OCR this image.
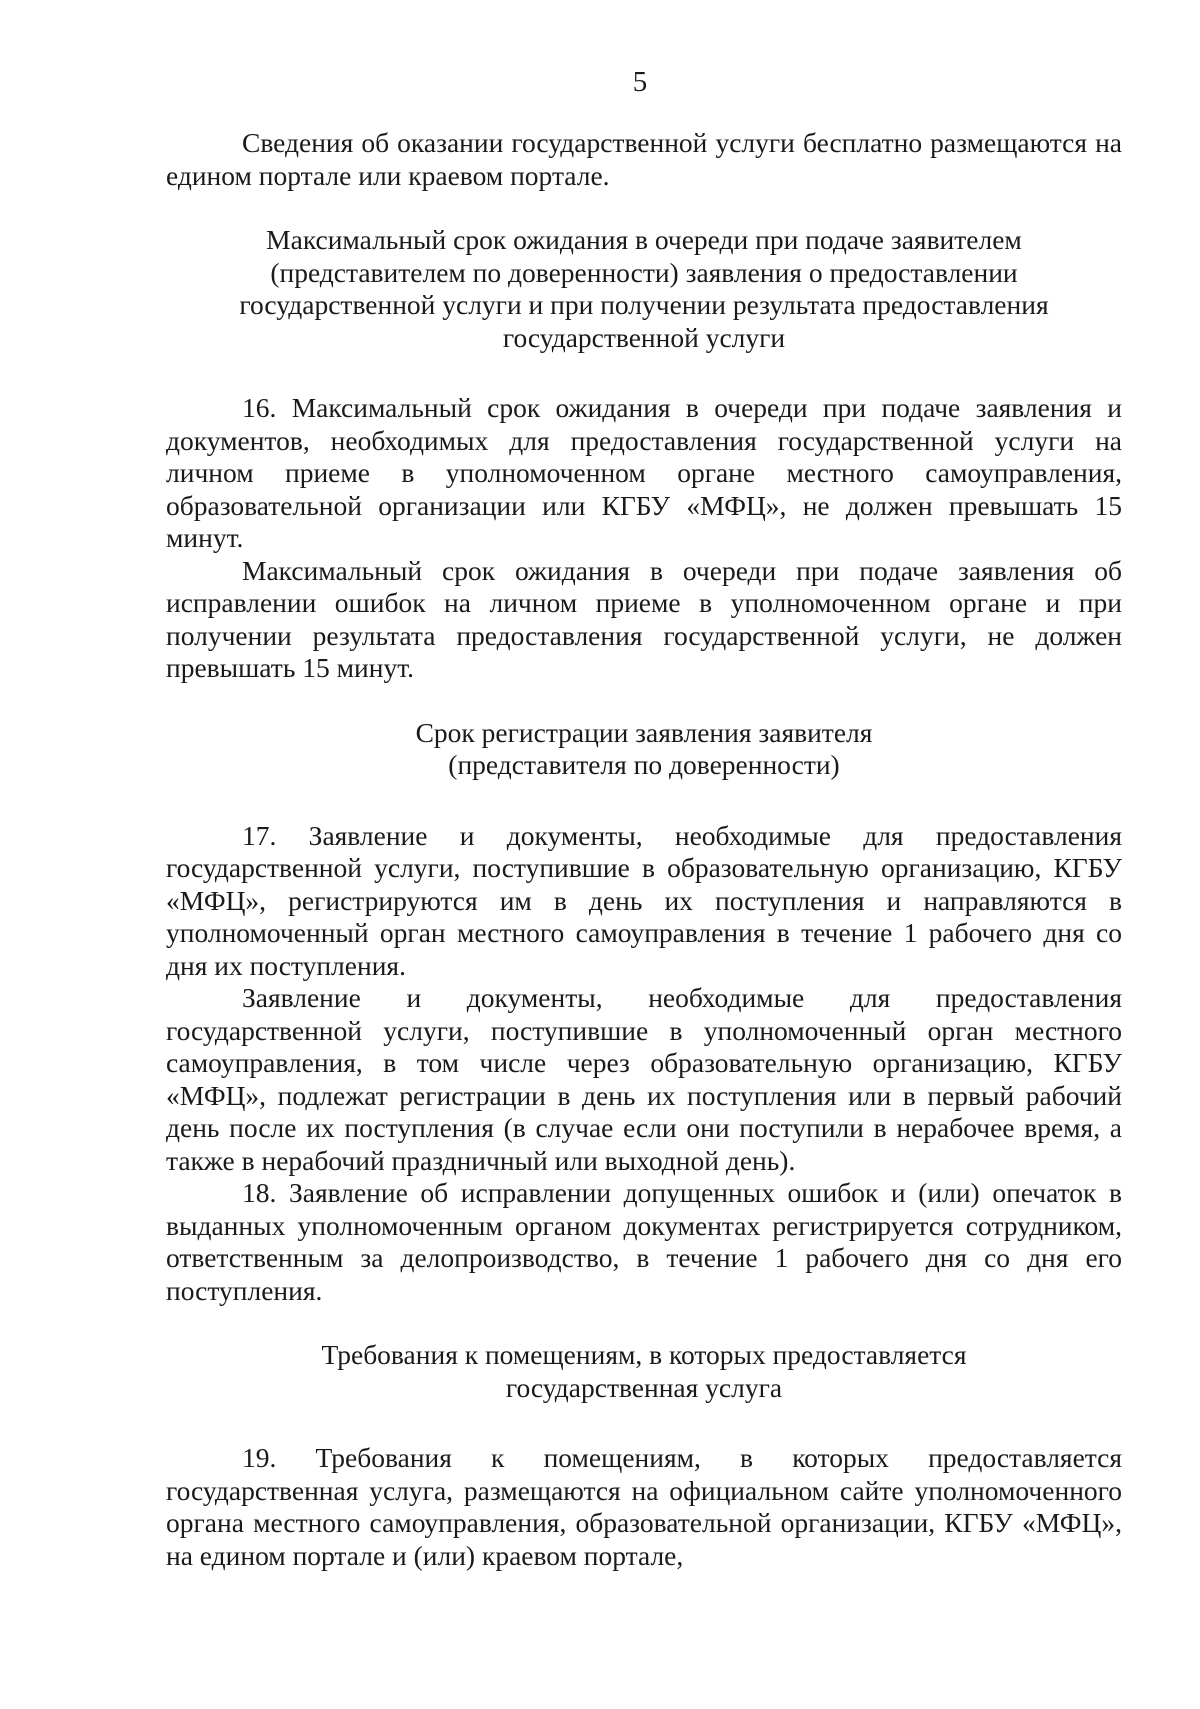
5

Сведения об оказании государственной услуги бесплатно размещаются на едином портале или краевом портале.

Максимальный срок ожидания в очереди при подаче заявителем

(представителем по доверенности) заявления о предоставлении

государственной услуги и при получении результата предоставления

государственной услуги

16. Максимальный срок ожидания в очереди при подаче заявления и документов, необходимых для предоставления государственной услуги на личном приеме в уполномоченном органе местного самоуправления, образовательной организации или КГБУ «МФЦ», не должен превышать 15 минут.

Максимальный срок ожидания в очереди при подаче заявления об исправлении ошибок на личном приеме в уполномоченном органе и при получении результата предоставления государственной услуги, не должен превышать 15 минут.

Срок регистрации заявления заявителя

(представителя по доверенности)

17. Заявление и документы, необходимые для предоставления государственной услуги, поступившие в образовательную организацию, КГБУ «МФЦ», регистрируются им в день их поступления и направляются в уполномоченный орган местного самоуправления в течение 1 рабочего дня со дня их поступления.

Заявление и документы, необходимые для предоставления государственной услуги, поступившие в уполномоченный орган местного самоуправления, в том числе через образовательную организацию, КГБУ «МФЦ», подлежат регистрации в день их поступления или в первый рабочий день после их поступления (в случае если они поступили в нерабочее время, а также в нерабочий праздничный или выходной день).

18. Заявление об исправлении допущенных ошибок и (или) опечаток в выданных уполномоченным органом документах регистрируется сотрудником, ответственным за делопроизводство, в течение 1 рабочего дня со дня его поступления.

Требования к помещениям, в которых предоставляется

государственная услуга

19. Требования к помещениям, в которых предоставляется государственная услуга, размещаются на официальном сайте уполномоченного органа местного самоуправления, образовательной организации, КГБУ «МФЦ», на едином портале и (или) краевом портале,
